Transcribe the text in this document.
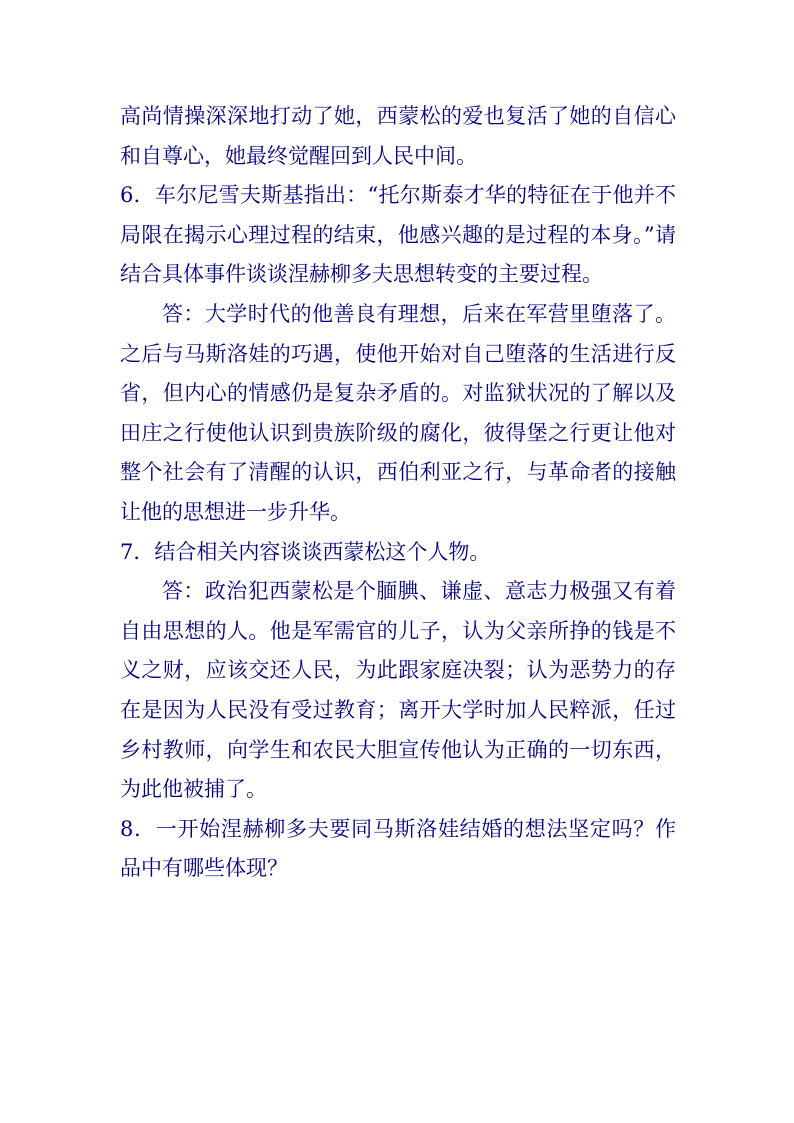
高尚情操深深地打动了她，西蒙松的爱也复活了她的自信心和自尊心，她最终觉醒回到人民中间。

6．车尔尼雪夫斯基指出：“托尔斯泰才华的特征在于他并不局限在揭示心理过程的结束，他感兴趣的是过程的本身。”请结合具体事件谈谈涅赫柳多夫思想转变的主要过程。

答：大学时代的他善良有理想，后来在军营里堕落了。之后与马斯洛娃的巧遇，使他开始对自己堕落的生活进行反省，但内心的情感仍是复杂矛盾的。对监狱状况的了解以及田庄之行使他认识到贵族阶级的腐化，彼得堡之行更让他对整个社会有了清醒的认识，西伯利亚之行，与革命者的接触让他的思想进一步升华。

7．结合相关内容谈谈西蒙松这个人物。

答：政治犯西蒙松是个腼腆、谦虚、意志力极强又有着自由思想的人。他是军需官的儿子，认为父亲所挣的钱是不义之财，应该交还人民，为此跟家庭决裂；认为恶势力的存在是因为人民没有受过教育；离开大学时加人民粹派，任过乡村教师，向学生和农民大胆宣传他认为正确的一切东西，为此他被捕了。

8．一开始涅赫柳多夫要同马斯洛娃结婚的想法坚定吗？作品中有哪些体现？
